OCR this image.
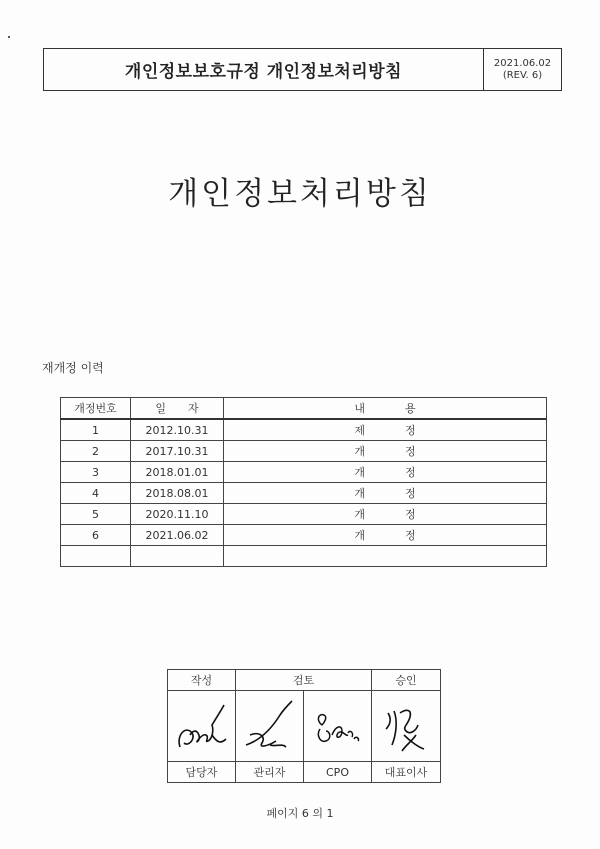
개인정보보호규정 개인정보처리방침	2021.06.02
(REV. 6)
개인정보처리방침
재개정 이력
개정번호	일자	내용
1	2012.10.31	제정
2	2017.10.31	개정
3	2018.01.01	개정
4	2018.08.01	개정
5	2020.11.10	개정
6	2021.06.02	개정

작성	검토		승인

담당자	관리자	CPO	대표이사
페이지 6 의 1
